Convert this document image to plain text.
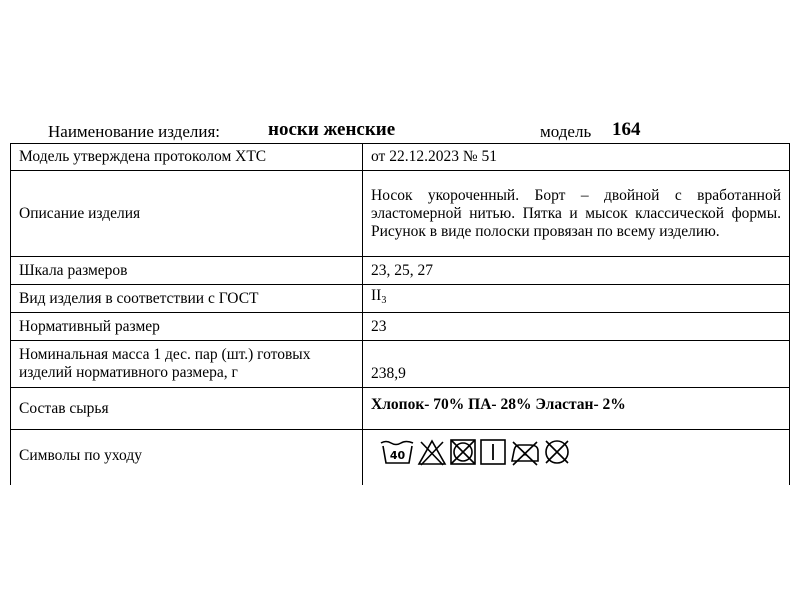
Наименование изделия:	носки женские	модель 164
Модель утверждена протоколом ХТС	от 22.12.2023 № 51
Описание изделия	Носок укороченный. Борт – двойной с вработанной эластомерной нитью. Пятка и мысок классической формы. Рисунок в виде полоски провязан по всему изделию.
Шкала размеров	23, 25, 27
Вид изделия в соответствии с ГОСТ	$II_3$
Нормативный размер	23
Номинальная масса 1 дес. пар (шт.) готовых изделий нормативного размера, г	238,9
Состав сырья	Хлопок- 70% ПА- 28% Эластан- 2%
Символы по уходу	40
